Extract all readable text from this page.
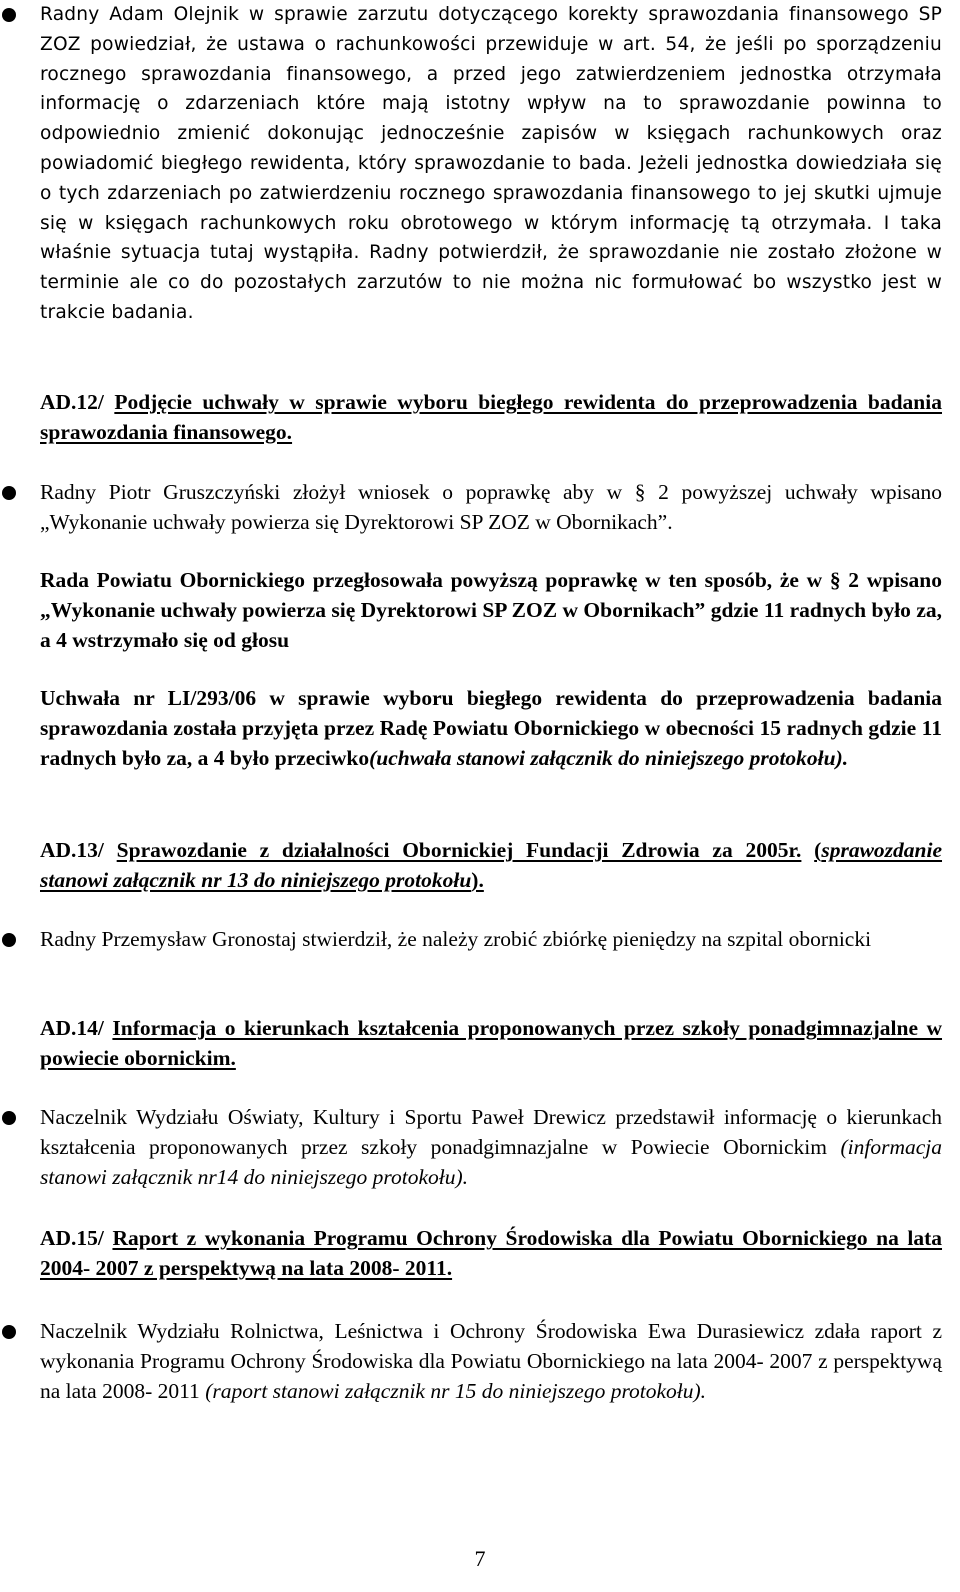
Radny Adam Olejnik w sprawie zarzutu dotyczącego korekty sprawozdania finansowego SP ZOZ powiedział, że ustawa o rachunkowości przewiduje w art. 54, że jeśli po sporządzeniu rocznego sprawozdania finansowego, a przed jego zatwierdzeniem jednostka otrzymała informację o zdarzeniach które mają istotny wpływ na to sprawozdanie powinna to odpowiednio zmienić dokonując jednocześnie zapisów w księgach rachunkowych oraz powiadomić biegłego rewidenta, który sprawozdanie to bada. Jeżeli jednostka dowiedziała się o tych zdarzeniach po zatwierdzeniu rocznego sprawozdania finansowego to jej skutki ujmuje się w księgach rachunkowych roku obrotowego w którym informację tą otrzymała. I taka właśnie sytuacja tutaj wystąpiła. Radny potwierdził, że sprawozdanie nie zostało złożone w terminie ale co do pozostałych zarzutów to nie można nic formułować bo wszystko jest w trakcie badania.
AD.12/ Podjęcie uchwały w sprawie wyboru biegłego rewidenta do przeprowadzenia badania sprawozdania finansowego.
Radny Piotr Gruszczyński złożył wniosek o poprawkę aby w § 2 powyższej uchwały wpisano „Wykonanie uchwały powierza się Dyrektorowi SP ZOZ w Obornikach”.
Rada Powiatu Obornickiego przegłosowała powyższą poprawkę w ten sposób, że w § 2 wpisano „Wykonanie uchwały powierza się Dyrektorowi SP ZOZ w Obornikach” gdzie 11 radnych było za, a 4 wstrzymało się od głosu
Uchwała nr LI/293/06 w sprawie wyboru biegłego rewidenta do przeprowadzenia badania sprawozdania została przyjęta przez Radę Powiatu Obornickiego w obecności 15 radnych gdzie 11 radnych było za, a 4 było przeciwko(uchwała stanowi załącznik do niniejszego protokołu).
AD.13/ Sprawozdanie z działalności Obornickiej Fundacji Zdrowia za 2005r. (sprawozdanie stanowi załącznik nr 13 do niniejszego protokołu).
Radny Przemysław Gronostaj stwierdził, że należy zrobić zbiórkę pieniędzy na szpital obornicki
AD.14/ Informacja o kierunkach kształcenia proponowanych przez szkoły ponadgimnazjalne w powiecie obornickim.
Naczelnik Wydziału Oświaty, Kultury i Sportu Paweł Drewicz przedstawił informację o kierunkach kształcenia proponowanych przez szkoły ponadgimnazjalne w Powiecie Obornickim (informacja stanowi załącznik nr14 do niniejszego protokołu).
AD.15/ Raport z wykonania Programu Ochrony Środowiska dla Powiatu Obornickiego na lata 2004- 2007 z perspektywą na lata 2008- 2011.
Naczelnik Wydziału Rolnictwa, Leśnictwa i Ochrony Środowiska Ewa Durasiewicz zdała raport z wykonania Programu Ochrony Środowiska dla Powiatu Obornickiego na lata 2004- 2007 z perspektywą na lata 2008- 2011 (raport stanowi załącznik nr 15 do niniejszego protokołu).
7
